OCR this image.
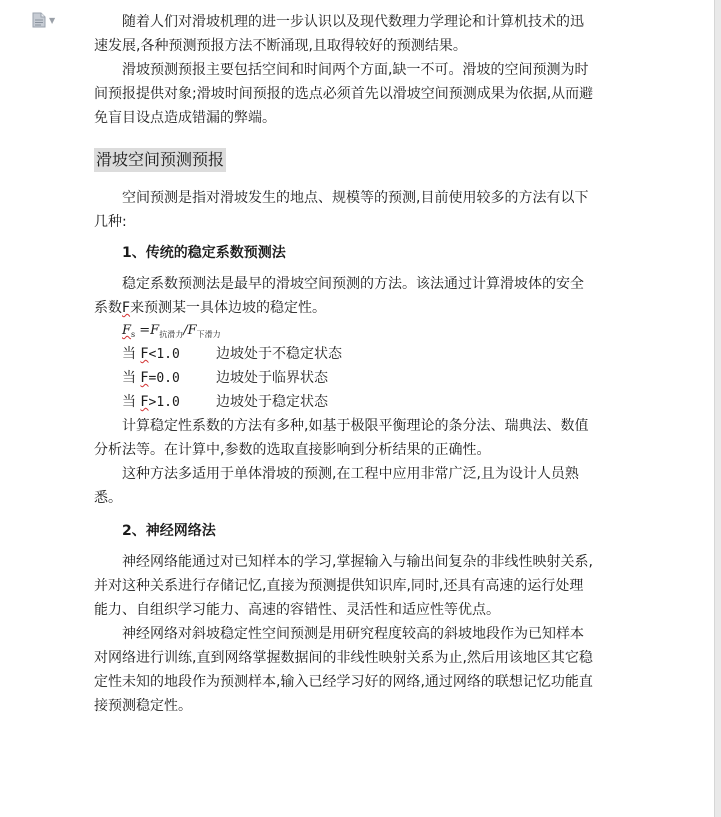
▼	随着人们对滑坡机理的进一步认识以及现代数理力学理论和计算机技术的迅速发展,各种预测预报方法不断涌现,且取得较好的预测结果。

滑坡预测预报主要包括空间和时间两个方面,缺一不可。滑坡的空间预测为时间预报提供对象;滑坡时间预报的选点必须首先以滑坡空间预测成果为依据,从而避免盲目设点造成错漏的弊端。

滑坡空间预测预报

空间预测是指对滑坡发生的地点、规模等的预测,目前使用较多的方法有以下几种:

1、传统的稳定系数预测法

稳定系数预测法是最早的滑坡空间预测的方法。该法通过计算滑坡体的安全系数F来预测某一具体边坡的稳定性。

$F_s =F_{抗滑力}/F_{下滑力}$
当 F<1.0	边坡处于不稳定状态
当 F=0.0	边坡处于临界状态
当 F>1.0	边坡处于稳定状态

计算稳定性系数的方法有多种,如基于极限平衡理论的条分法、瑞典法、数值分析法等。在计算中,参数的选取直接影响到分析结果的正确性。

这种方法多适用于单体滑坡的预测,在工程中应用非常广泛,且为设计人员熟悉。

2、神经网络法

神经网络能通过对已知样本的学习,掌握输入与输出间复杂的非线性映射关系,并对这种关系进行存储记忆,直接为预测提供知识库,同时,还具有高速的运行处理能力、自组织学习能力、高速的容错性、灵活性和适应性等优点。

神经网络对斜坡稳定性空间预测是用研究程度较高的斜坡地段作为已知样本对网络进行训练,直到网络掌握数据间的非线性映射关系为止,然后用该地区其它稳定性未知的地段作为预测样本,输入已经学习好的网络,通过网络的联想记忆功能直接预测稳定性。
